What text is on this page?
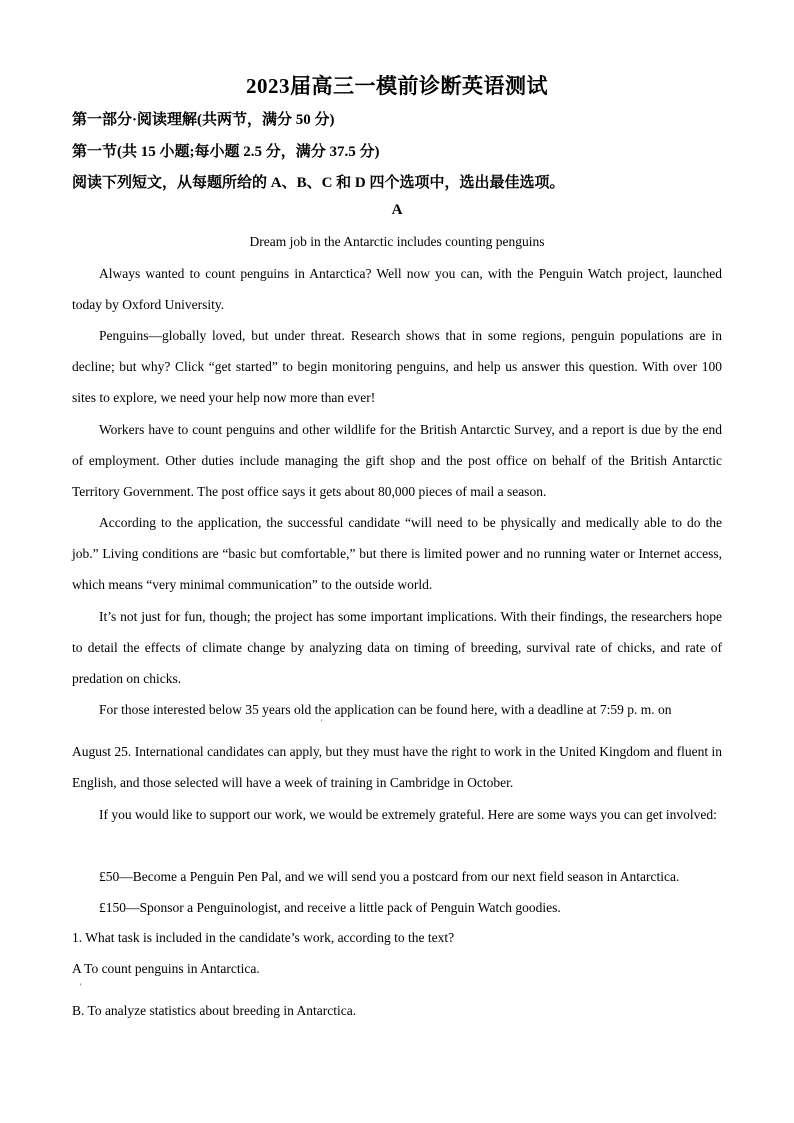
2023届高三一模前诊断英语测试
第一部分·阅读理解(共两节，满分 50 分)
第一节(共 15 小题;每小题 2.5 分，满分 37.5 分)
阅读下列短文，从每题所给的 A、B、C 和 D 四个选项中，选出最佳选项。
A
Dream job in the Antarctic includes counting penguins
Always wanted to count penguins in Antarctica? Well now you can, with the Penguin Watch project, launched today by Oxford University.
Penguins—globally loved, but under threat. Research shows that in some regions, penguin populations are in decline; but why? Click “get started” to begin monitoring penguins, and help us answer this question. With over 100 sites to explore, we need your help now more than ever!
Workers have to count penguins and other wildlife for the British Antarctic Survey, and a report is due by the end of employment. Other duties include managing the gift shop and the post office on behalf of the British Antarctic Territory Government. The post office says it gets about 80,000 pieces of mail a season.
According to the application, the successful candidate “will need to be physically and medically able to do the job.” Living conditions are “basic but comfortable,” but there is limited power and no running water or Internet access, which means “very minimal communication” to the outside world.
It’s not just for fun, though; the project has some important implications. With their findings, the researchers hope to detail the effects of climate change by analyzing data on timing of breeding, survival rate of chicks, and rate of predation on chicks.
For those interested below 35 years old the application can be found here, with a deadline at 7:59 p. m. on
'
August 25. International candidates can apply, but they must have the right to work in the United Kingdom and fluent in English, and those selected will have a week of training in Cambridge in October.
If you would like to support our work, we would be extremely grateful. Here are some ways you can get involved:
£50—Become a Penguin Pen Pal, and we will send you a postcard from our next field season in Antarctica.
£150—Sponsor a Penguinologist, and receive a little pack of Penguin Watch goodies.
1. What task is included in the candidate’s work, according to the text?
A To count penguins in Antarctica.
'
B. To analyze statistics about breeding in Antarctica.
